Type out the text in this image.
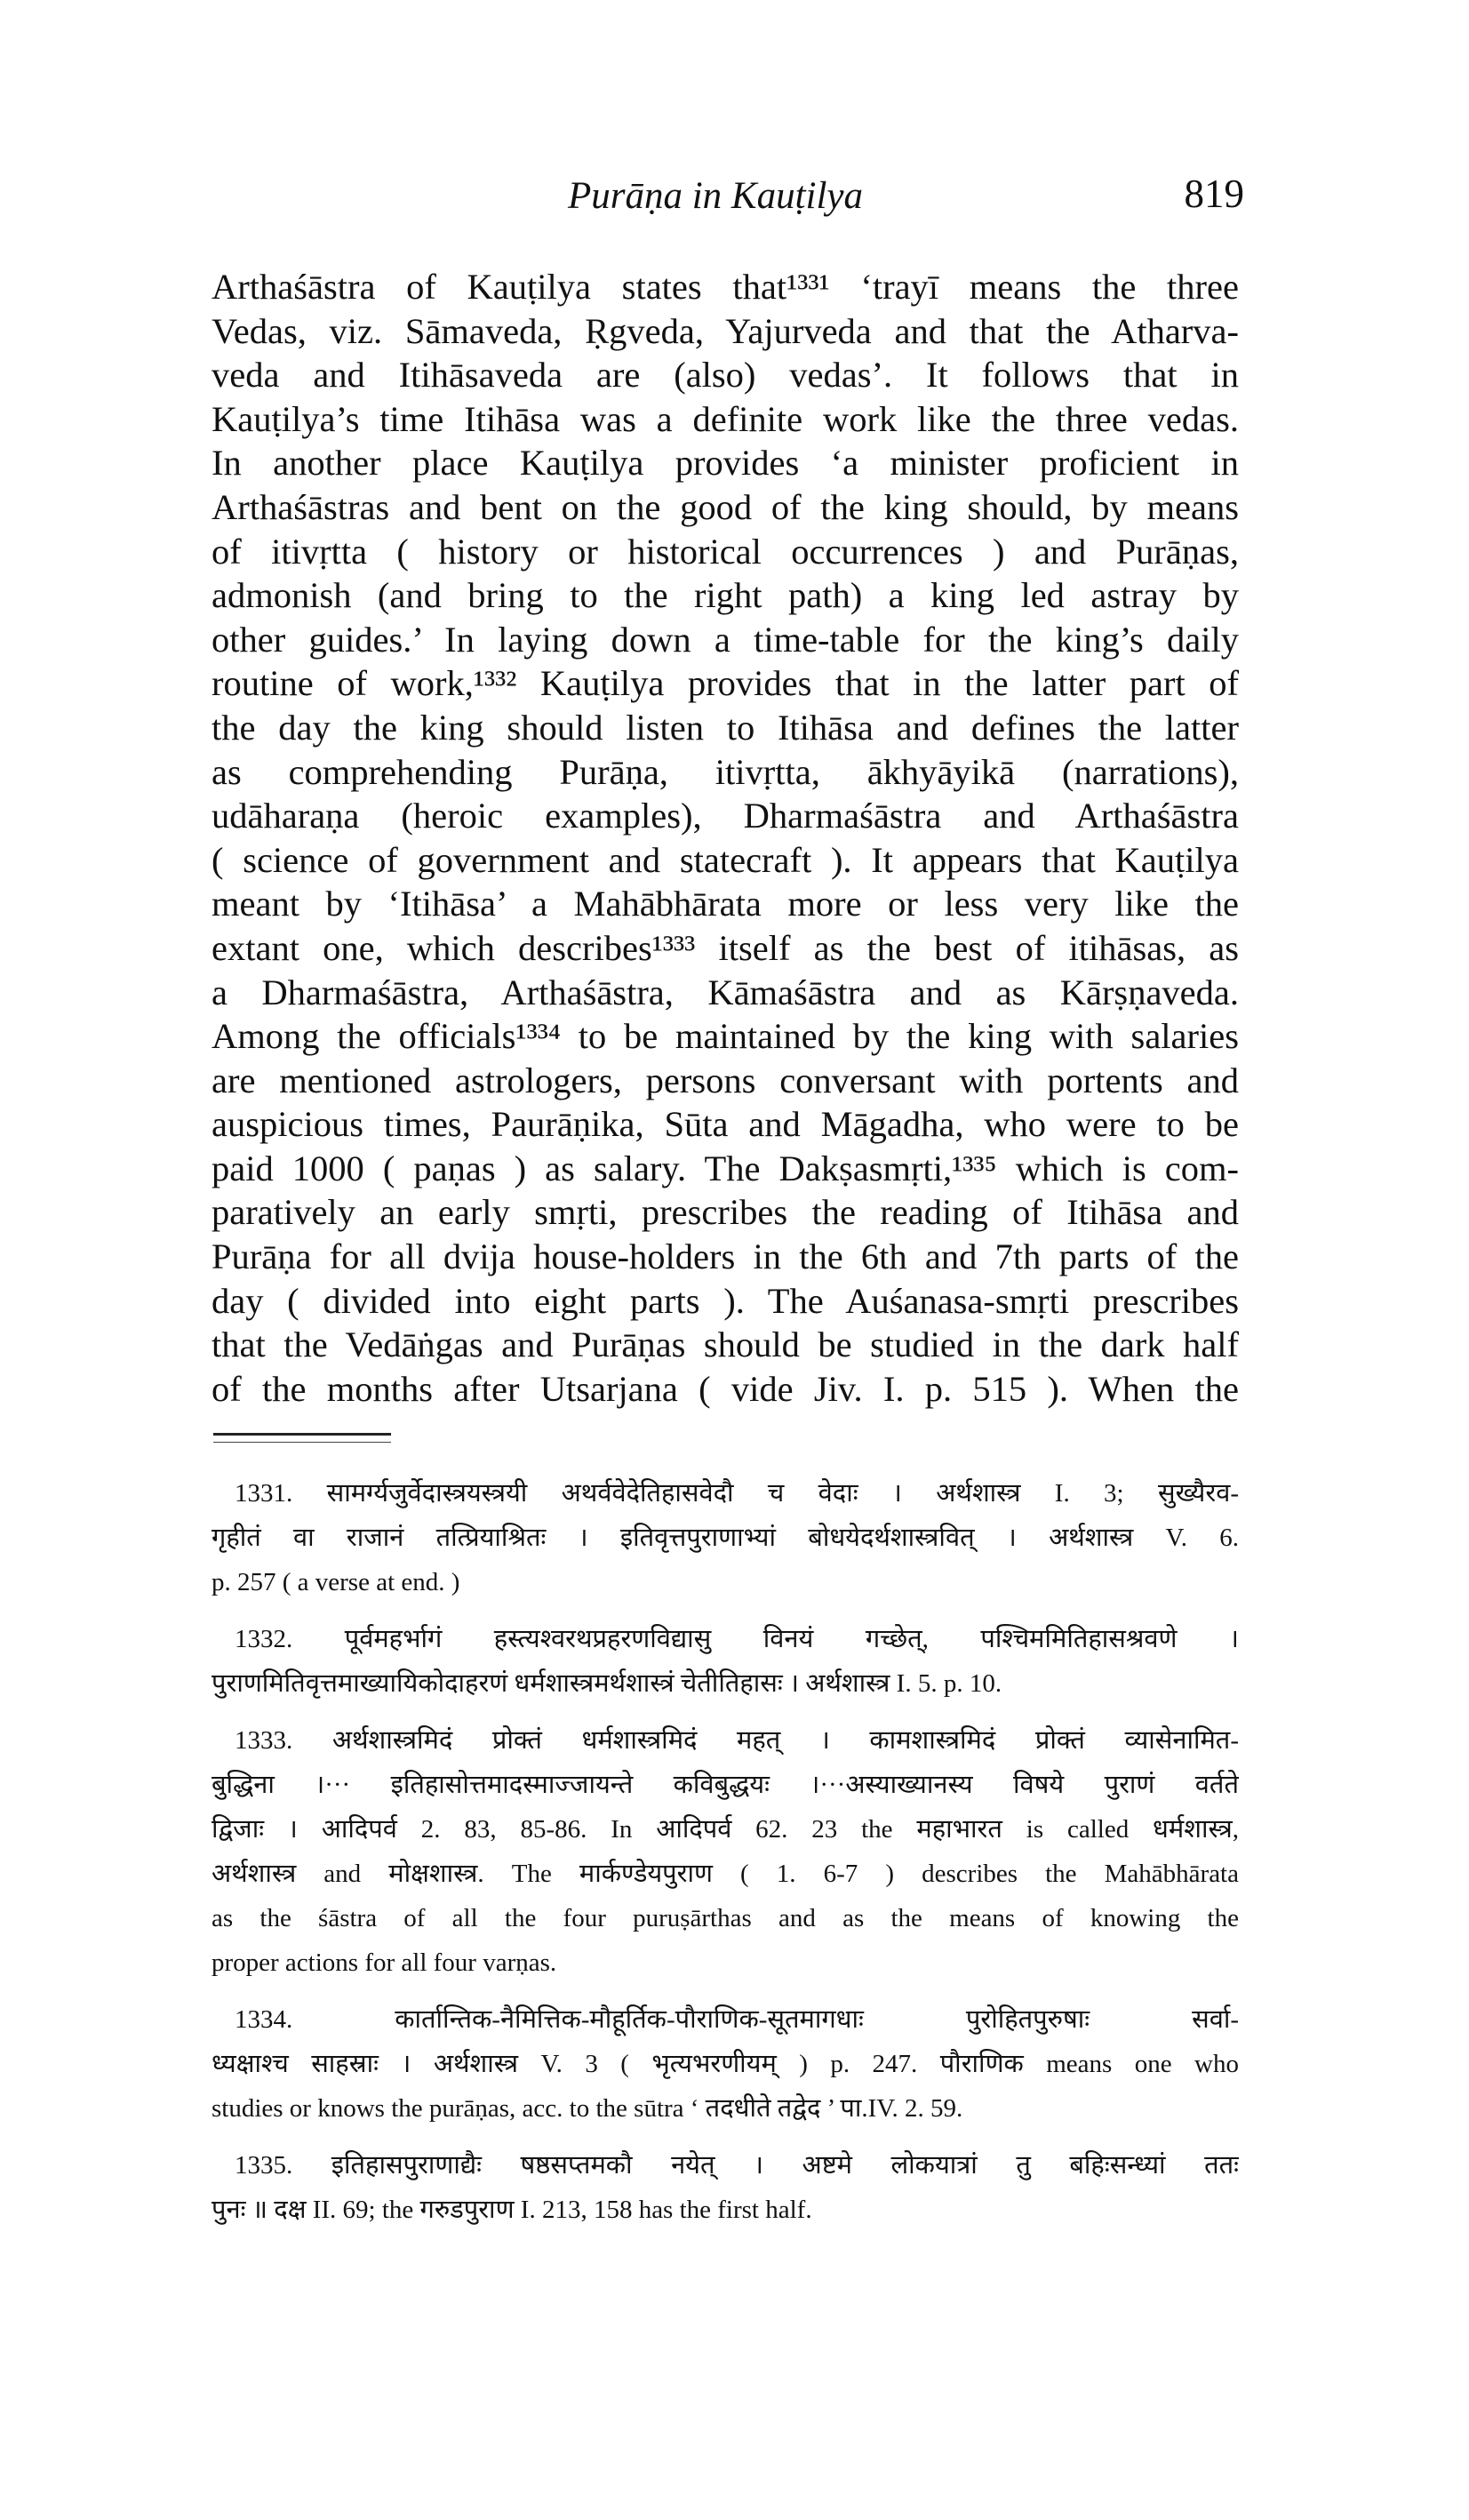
Purāṇa in Kauṭilya	819
Arthaśāstra of Kauṭilya states that¹³³¹ ‘trayī means the three
Vedas, viz. Sāmaveda, Ṛgveda, Yajurveda and that the Atharva-
veda and Itihāsaveda are (also) vedas’. It follows that in
Kauṭilya’s time Itihāsa was a definite work like the three vedas.
In another place Kauṭilya provides ‘a minister proficient in
Arthaśāstras and bent on the good of the king should, by means
of itivṛtta ( history or historical occurrences ) and Purāṇas,
admonish (and bring to the right path) a king led astray by
other guides.’ In laying down a time-table for the king’s daily
routine of work,¹³³² Kauṭilya provides that in the latter part of
the day the king should listen to Itihāsa and defines the latter
as comprehending Purāṇa, itivṛtta, ākhyāyikā (narrations),
udāharaṇa (heroic examples), Dharmaśāstra and Arthaśāstra
( science of government and statecraft ). It appears that Kauṭilya
meant by ‘Itihāsa’ a Mahābhārata more or less very like the
extant one, which describes¹³³³ itself as the best of itihāsas, as
a Dharmaśāstra, Arthaśāstra, Kāmaśāstra and as Kārṣṇaveda.
Among the officials¹³³⁴ to be maintained by the king with salaries
are mentioned astrologers, persons conversant with portents and
auspicious times, Paurāṇika, Sūta and Māgadha, who were to be
paid 1000 ( paṇas ) as salary. The Dakṣasmṛti,¹³³⁵ which is com-
paratively an early smṛti, prescribes the reading of Itihāsa and
Purāṇa for all dvija house-holders in the 6th and 7th parts of the
day ( divided into eight parts ). The Auśanasa-smṛti prescribes
that the Vedāṅgas and Purāṇas should be studied in the dark half
of the months after Utsarjana ( vide Jiv. I. p. 515 ). When the
1331. सामर्ग्यजुर्वेदास्त्रयस्त्रयी अथर्ववेदेतिहासवेदौ च वेदाः । अर्थशास्त्र I. 3; सुख्यैरव-
गृहीतं वा राजानं तत्प्रियाश्रितः । इतिवृत्तपुराणाभ्यां बोधयेदर्थशास्त्रवित् । अर्थशास्त्र V. 6.
p. 257 ( a verse at end. )
1332. पूर्वमहर्भागं हस्त्यश्वरथप्रहरणविद्यासु विनयं गच्छेत्, पश्चिममितिहासश्रवणे ।
पुराणमितिवृत्तमाख्यायिकोदाहरणं धर्मशास्त्रमर्थशास्त्रं चेतीतिहासः । अर्थशास्त्र I. 5. p. 10.
1333. अर्थशास्त्रमिदं प्रोक्तं धर्मशास्त्रमिदं महत् । कामशास्त्रमिदं प्रोक्तं व्यासेनामित-
बुद्धिना ।··· इतिहासोत्तमादस्माज्जायन्ते कविबुद्धयः ।···अस्याख्यानस्य विषये पुराणं वर्तते
द्विजाः । आदिपर्व 2. 83, 85-86. In आदिपर्व 62. 23 the महाभारत is called धर्मशास्त्र,
अर्थशास्त्र and मोक्षशास्त्र. The मार्कण्डेयपुराण ( 1. 6-7 ) describes the Mahābhārata
as the śāstra of all the four puruṣārthas and as the means of knowing the
proper actions for all four varṇas.
1334. कार्तान्तिक-नैमित्तिक-मौहूर्तिक-पौराणिक-सूतमागधाः पुरोहितपुरुषाः सर्वा-
ध्यक्षाश्च साहस्राः । अर्थशास्त्र V. 3 ( भृत्यभरणीयम् ) p. 247. पौराणिक means one who
studies or knows the purāṇas, acc. to the sūtra ‘ तदधीते तद्वेद ’ पा.IV. 2. 59.
1335. इतिहासपुराणाद्यैः षष्ठसप्तमकौ नयेत् । अष्टमे लोकयात्रां तु बहिःसन्ध्यां ततः
पुनः ॥ दक्ष II. 69; the गरुडपुराण I. 213, 158 has the first half.
